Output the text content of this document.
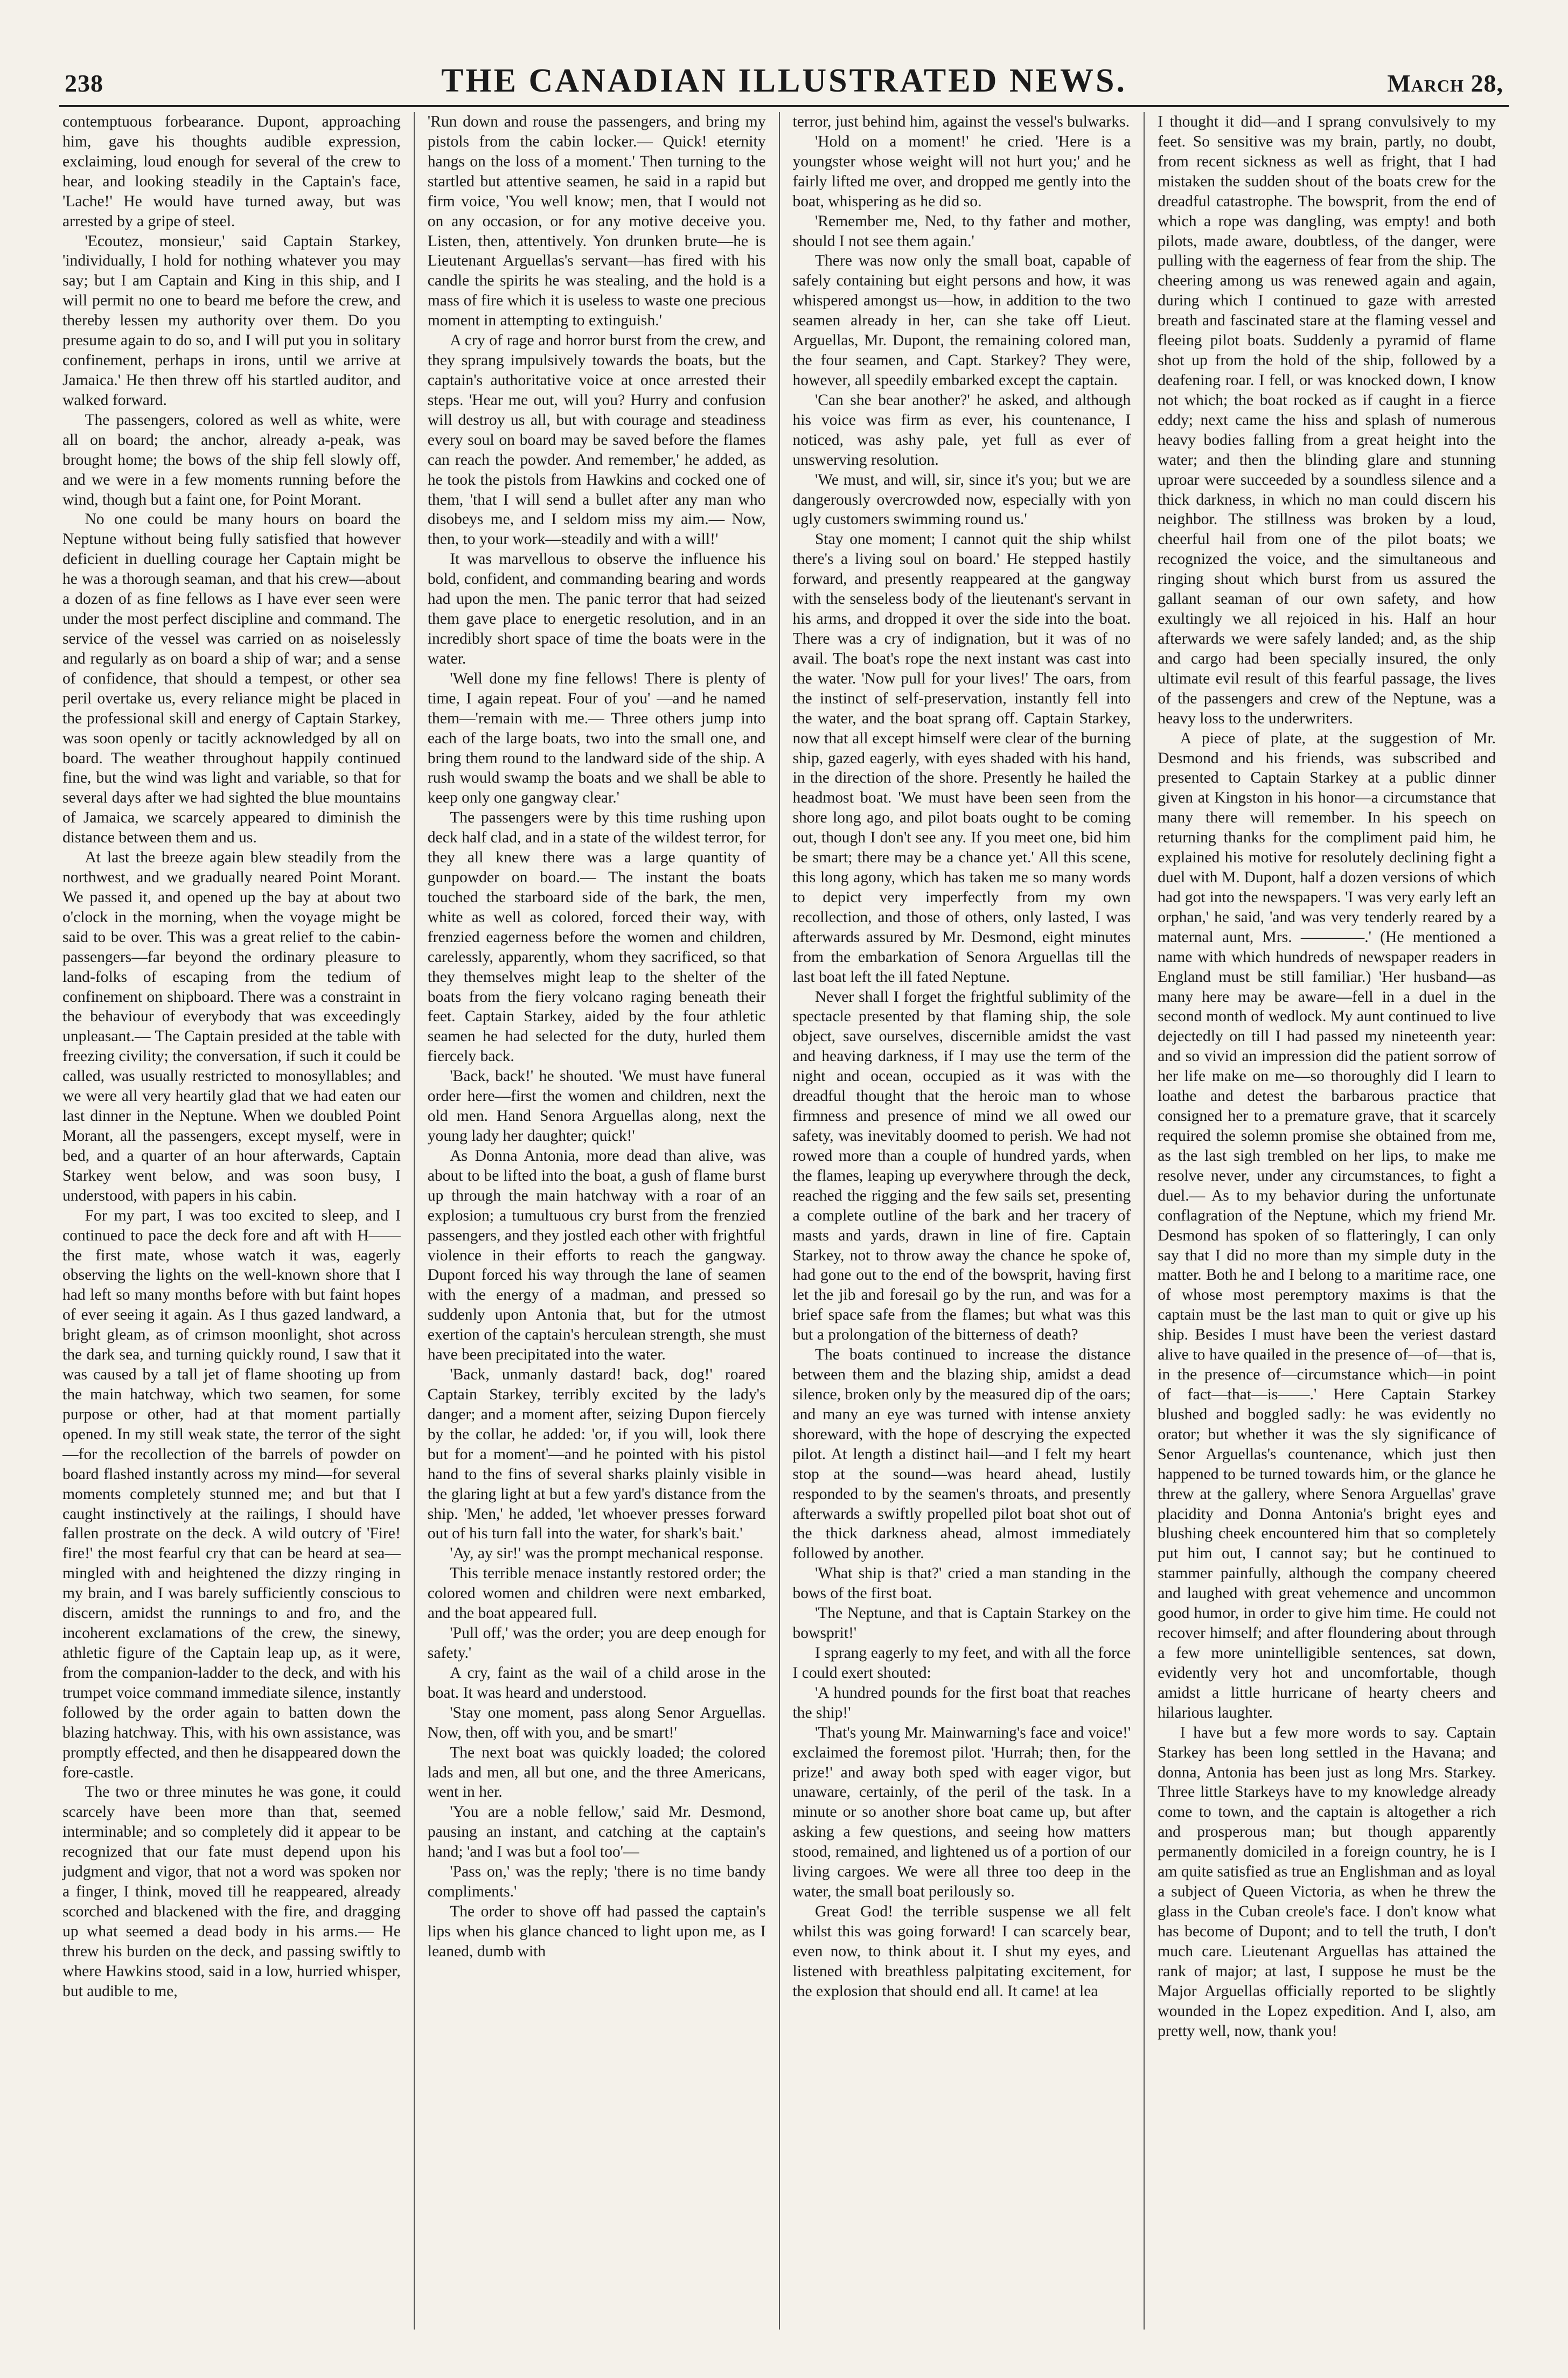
238	THE CANADIAN ILLUSTRATED NEWS.	March 28,

contemptuous forbearance. Dupont, approaching him, gave his thoughts audible expression, exclaiming, loud enough for several of the crew to hear, and looking steadily in the Captain's face, 'Lache!' He would have turned away, but was arrested by a gripe of steel.

'Ecoutez, monsieur,' said Captain Starkey, 'individually, I hold for nothing whatever you may say; but I am Captain and King in this ship, and I will permit no one to beard me before the crew, and thereby lessen my authority over them. Do you presume again to do so, and I will put you in solitary confinement, perhaps in irons, until we arrive at Jamaica.' He then threw off his startled auditor, and walked forward.

The passengers, colored as well as white, were all on board; the anchor, already a-peak, was brought home; the bows of the ship fell slowly off, and we were in a few moments running before the wind, though but a faint one, for Point Morant.

No one could be many hours on board the Neptune without being fully satisfied that however deficient in duelling courage her Captain might be he was a thorough seaman, and that his crew—about a dozen of as fine fellows as I have ever seen were under the most perfect discipline and command. The service of the vessel was carried on as noiselessly and regularly as on board a ship of war; and a sense of confidence, that should a tempest, or other sea peril overtake us, every reliance might be placed in the professional skill and energy of Captain Starkey, was soon openly or tacitly acknowledged by all on board. The weather throughout happily continued fine, but the wind was light and variable, so that for several days after we had sighted the blue mountains of Jamaica, we scarcely appeared to diminish the distance between them and us.

At last the breeze again blew steadily from the northwest, and we gradually neared Point Morant. We passed it, and opened up the bay at about two o'clock in the morning, when the voyage might be said to be over. This was a great relief to the cabin-passengers—far beyond the ordinary pleasure to land-folks of escaping from the tedium of confinement on shipboard. There was a constraint in the behaviour of everybody that was exceedingly unpleasant.— The Captain presided at the table with freezing civility; the conversation, if such it could be called, was usually restricted to monosyllables; and we were all very heartily glad that we had eaten our last dinner in the Neptune. When we doubled Point Morant, all the passengers, except myself, were in bed, and a quarter of an hour afterwards, Captain Starkey went below, and was soon busy, I understood, with papers in his cabin.

For my part, I was too excited to sleep, and I continued to pace the deck fore and aft with H—— the first mate, whose watch it was, eagerly observing the lights on the well-known shore that I had left so many months before with but faint hopes of ever seeing it again. As I thus gazed landward, a bright gleam, as of crimson moonlight, shot across the dark sea, and turning quickly round, I saw that it was caused by a tall jet of flame shooting up from the main hatchway, which two seamen, for some purpose or other, had at that moment partially opened. In my still weak state, the terror of the sight—for the recollection of the barrels of powder on board flashed instantly across my mind—for several moments completely stunned me; and but that I caught instinctively at the railings, I should have fallen prostrate on the deck. A wild outcry of 'Fire! fire!' the most fearful cry that can be heard at sea—mingled with and heightened the dizzy ringing in my brain, and I was barely sufficiently conscious to discern, amidst the runnings to and fro, and the incoherent exclamations of the crew, the sinewy, athletic figure of the Captain leap up, as it were, from the companion-ladder to the deck, and with his trumpet voice command immediate silence, instantly followed by the order again to batten down the blazing hatchway. This, with his own assistance, was promptly effected, and then he disappeared down the fore-castle.

The two or three minutes he was gone, it could scarcely have been more than that, seemed interminable; and so completely did it appear to be recognized that our fate must depend upon his judgment and vigor, that not a word was spoken nor a finger, I think, moved till he reappeared, already scorched and blackened with the fire, and dragging up what seemed a dead body in his arms.— He threw his burden on the deck, and passing swiftly to where Hawkins stood, said in a low, hurried whisper, but audible to me,

'Run down and rouse the passengers, and bring my pistols from the cabin locker.— Quick! eternity hangs on the loss of a moment.' Then turning to the startled but attentive seamen, he said in a rapid but firm voice, 'You well know; men, that I would not on any occasion, or for any motive deceive you. Listen, then, attentively. Yon drunken brute—he is Lieutenant Arguellas's servant—has fired with his candle the spirits he was stealing, and the hold is a mass of fire which it is useless to waste one precious moment in attempting to extinguish.'

A cry of rage and horror burst from the crew, and they sprang impulsively towards the boats, but the captain's authoritative voice at once arrested their steps. 'Hear me out, will you? Hurry and confusion will destroy us all, but with courage and steadiness every soul on board may be saved before the flames can reach the powder. And remember,' he added, as he took the pistols from Hawkins and cocked one of them, 'that I will send a bullet after any man who disobeys me, and I seldom miss my aim.— Now, then, to your work—steadily and with a will!'

It was marvellous to observe the influence his bold, confident, and commanding bearing and words had upon the men. The panic terror that had seized them gave place to energetic resolution, and in an incredibly short space of time the boats were in the water.

'Well done my fine fellows! There is plenty of time, I again repeat. Four of you' —and he named them—'remain with me.— Three others jump into each of the large boats, two into the small one, and bring them round to the landward side of the ship. A rush would swamp the boats and we shall be able to keep only one gangway clear.'

The passengers were by this time rushing upon deck half clad, and in a state of the wildest terror, for they all knew there was a large quantity of gunpowder on board.— The instant the boats touched the starboard side of the bark, the men, white as well as colored, forced their way, with frenzied eagerness before the women and children, carelessly, apparently, whom they sacrificed, so that they themselves might leap to the shelter of the boats from the fiery volcano raging beneath their feet. Captain Starkey, aided by the four athletic seamen he had selected for the duty, hurled them fiercely back.

'Back, back!' he shouted. 'We must have funeral order here—first the women and children, next the old men. Hand Senora Arguellas along, next the young lady her daughter; quick!'

As Donna Antonia, more dead than alive, was about to be lifted into the boat, a gush of flame burst up through the main hatchway with a roar of an explosion; a tumultuous cry burst from the frenzied passengers, and they jostled each other with frightful violence in their efforts to reach the gangway. Dupont forced his way through the lane of seamen with the energy of a madman, and pressed so suddenly upon Antonia that, but for the utmost exertion of the captain's herculean strength, she must have been precipitated into the water.

'Back, unmanly dastard! back, dog!' roared Captain Starkey, terribly excited by the lady's danger; and a moment after, seizing Dupon fiercely by the collar, he added: 'or, if you will, look there but for a moment'—and he pointed with his pistol hand to the fins of several sharks plainly visible in the glaring light at but a few yard's distance from the ship. 'Men,' he added, 'let whoever presses forward out of his turn fall into the water, for shark's bait.'

'Ay, ay sir!' was the prompt mechanical response.

This terrible menace instantly restored order; the colored women and children were next embarked, and the boat appeared full.

'Pull off,' was the order; you are deep enough for safety.'

A cry, faint as the wail of a child arose in the boat. It was heard and understood.

'Stay one moment, pass along Senor Arguellas. Now, then, off with you, and be smart!'

The next boat was quickly loaded; the colored lads and men, all but one, and the three Americans, went in her.

'You are a noble fellow,' said Mr. Desmond, pausing an instant, and catching at the captain's hand; 'and I was but a fool too'—

'Pass on,' was the reply; 'there is no time bandy compliments.'

The order to shove off had passed the captain's lips when his glance chanced to light upon me, as I leaned, dumb with

terror, just behind him, against the vessel's bulwarks.

'Hold on a moment!' he cried. 'Here is a youngster whose weight will not hurt you;' and he fairly lifted me over, and dropped me gently into the boat, whispering as he did so.

'Remember me, Ned, to thy father and mother, should I not see them again.'

There was now only the small boat, capable of safely containing but eight persons and how, it was whispered amongst us—how, in addition to the two seamen already in her, can she take off Lieut. Arguellas, Mr. Dupont, the remaining colored man, the four seamen, and Capt. Starkey? They were, however, all speedily embarked except the captain.

'Can she bear another?' he asked, and although his voice was firm as ever, his countenance, I noticed, was ashy pale, yet full as ever of unswerving resolution.

'We must, and will, sir, since it's you; but we are dangerously overcrowded now, especially with yon ugly customers swimming round us.'

Stay one moment; I cannot quit the ship whilst there's a living soul on board.' He stepped hastily forward, and presently reappeared at the gangway with the senseless body of the lieutenant's servant in his arms, and dropped it over the side into the boat. There was a cry of indignation, but it was of no avail. The boat's rope the next instant was cast into the water. 'Now pull for your lives!' The oars, from the instinct of self-preservation, instantly fell into the water, and the boat sprang off. Captain Starkey, now that all except himself were clear of the burning ship, gazed eagerly, with eyes shaded with his hand, in the direction of the shore. Presently he hailed the headmost boat. 'We must have been seen from the shore long ago, and pilot boats ought to be coming out, though I don't see any. If you meet one, bid him be smart; there may be a chance yet.' All this scene, this long agony, which has taken me so many words to depict very imperfectly from my own recollection, and those of others, only lasted, I was afterwards assured by Mr. Desmond, eight minutes from the embarkation of Senora Arguellas till the last boat left the ill fated Neptune.

Never shall I forget the frightful sublimity of the spectacle presented by that flaming ship, the sole object, save ourselves, discernible amidst the vast and heaving darkness, if I may use the term of the night and ocean, occupied as it was with the dreadful thought that the heroic man to whose firmness and presence of mind we all owed our safety, was inevitably doomed to perish. We had not rowed more than a couple of hundred yards, when the flames, leaping up everywhere through the deck, reached the rigging and the few sails set, presenting a complete outline of the bark and her tracery of masts and yards, drawn in line of fire. Captain Starkey, not to throw away the chance he spoke of, had gone out to the end of the bowsprit, having first let the jib and foresail go by the run, and was for a brief space safe from the flames; but what was this but a prolongation of the bitterness of death?

The boats continued to increase the distance between them and the blazing ship, amidst a dead silence, broken only by the measured dip of the oars; and many an eye was turned with intense anxiety shoreward, with the hope of descrying the expected pilot. At length a distinct hail—and I felt my heart stop at the sound—was heard ahead, lustily responded to by the seamen's throats, and presently afterwards a swiftly propelled pilot boat shot out of the thick darkness ahead, almost immediately followed by another.

'What ship is that?' cried a man standing in the bows of the first boat.

'The Neptune, and that is Captain Starkey on the bowsprit!'

I sprang eagerly to my feet, and with all the force I could exert shouted:

'A hundred pounds for the first boat that reaches the ship!'

'That's young Mr. Mainwarning's face and voice!' exclaimed the foremost pilot. 'Hurrah; then, for the prize!' and away both sped with eager vigor, but unaware, certainly, of the peril of the task. In a minute or so another shore boat came up, but after asking a few questions, and seeing how matters stood, remained, and lightened us of a portion of our living cargoes. We were all three too deep in the water, the small boat perilously so.

Great God! the terrible suspense we all felt whilst this was going forward! I can scarcely bear, even now, to think about it. I shut my eyes, and listened with breathless palpitating excitement, for the explosion that should end all. It came! at lea

I thought it did—and I sprang convulsively to my feet. So sensitive was my brain, partly, no doubt, from recent sickness as well as fright, that I had mistaken the sudden shout of the boats crew for the dreadful catastrophe. The bowsprit, from the end of which a rope was dangling, was empty! and both pilots, made aware, doubtless, of the danger, were pulling with the eagerness of fear from the ship. The cheering among us was renewed again and again, during which I continued to gaze with arrested breath and fascinated stare at the flaming vessel and fleeing pilot boats. Suddenly a pyramid of flame shot up from the hold of the ship, followed by a deafening roar. I fell, or was knocked down, I know not which; the boat rocked as if caught in a fierce eddy; next came the hiss and splash of numerous heavy bodies falling from a great height into the water; and then the blinding glare and stunning uproar were succeeded by a soundless silence and a thick darkness, in which no man could discern his neighbor. The stillness was broken by a loud, cheerful hail from one of the pilot boats; we recognized the voice, and the simultaneous and ringing shout which burst from us assured the gallant seaman of our own safety, and how exultingly we all rejoiced in his. Half an hour afterwards we were safely landed; and, as the ship and cargo had been specially insured, the only ultimate evil result of this fearful passage, the lives of the passengers and crew of the Neptune, was a heavy loss to the underwriters.

A piece of plate, at the suggestion of Mr. Desmond and his friends, was subscribed and presented to Captain Starkey at a public dinner given at Kingston in his honor—a circumstance that many there will remember. In his speech on returning thanks for the compliment paid him, he explained his motive for resolutely declining fight a duel with M. Dupont, half a dozen versions of which had got into the newspapers. 'I was very early left an orphan,' he said, 'and was very tenderly reared by a maternal aunt, Mrs. ————.' (He mentioned a name with which hundreds of newspaper readers in England must be still familiar.) 'Her husband—as many here may be aware—fell in a duel in the second month of wedlock. My aunt continued to live dejectedly on till I had passed my nineteenth year: and so vivid an impression did the patient sorrow of her life make on me—so thoroughly did I learn to loathe and detest the barbarous practice that consigned her to a premature grave, that it scarcely required the solemn promise she obtained from me, as the last sigh trembled on her lips, to make me resolve never, under any circumstances, to fight a duel.— As to my behavior during the unfortunate conflagration of the Neptune, which my friend Mr. Desmond has spoken of so flatteringly, I can only say that I did no more than my simple duty in the matter. Both he and I belong to a maritime race, one of whose most peremptory maxims is that the captain must be the last man to quit or give up his ship. Besides I must have been the veriest dastard alive to have quailed in the presence of—of—that is, in the presence of—circumstance which—in point of fact—that—is——.' Here Captain Starkey blushed and boggled sadly: he was evidently no orator; but whether it was the sly significance of Senor Arguellas's countenance, which just then happened to be turned towards him, or the glance he threw at the gallery, where Senora Arguellas' grave placidity and Donna Antonia's bright eyes and blushing cheek encountered him that so completely put him out, I cannot say; but he continued to stammer painfully, although the company cheered and laughed with great vehemence and uncommon good humor, in order to give him time. He could not recover himself; and after floundering about through a few more unintelligible sentences, sat down, evidently very hot and uncomfortable, though amidst a little hurricane of hearty cheers and hilarious laughter.

I have but a few more words to say. Captain Starkey has been long settled in the Havana; and donna, Antonia has been just as long Mrs. Starkey. Three little Starkeys have to my knowledge already come to town, and the captain is altogether a rich and prosperous man; but though apparently permanently domiciled in a foreign country, he is I am quite satisfied as true an Englishman and as loyal a subject of Queen Victoria, as when he threw the glass in the Cuban creole's face. I don't know what has become of Dupont; and to tell the truth, I don't much care. Lieutenant Arguellas has attained the rank of major; at last, I suppose he must be the Major Arguellas officially reported to be slightly wounded in the Lopez expedition. And I, also, am pretty well, now, thank you!
